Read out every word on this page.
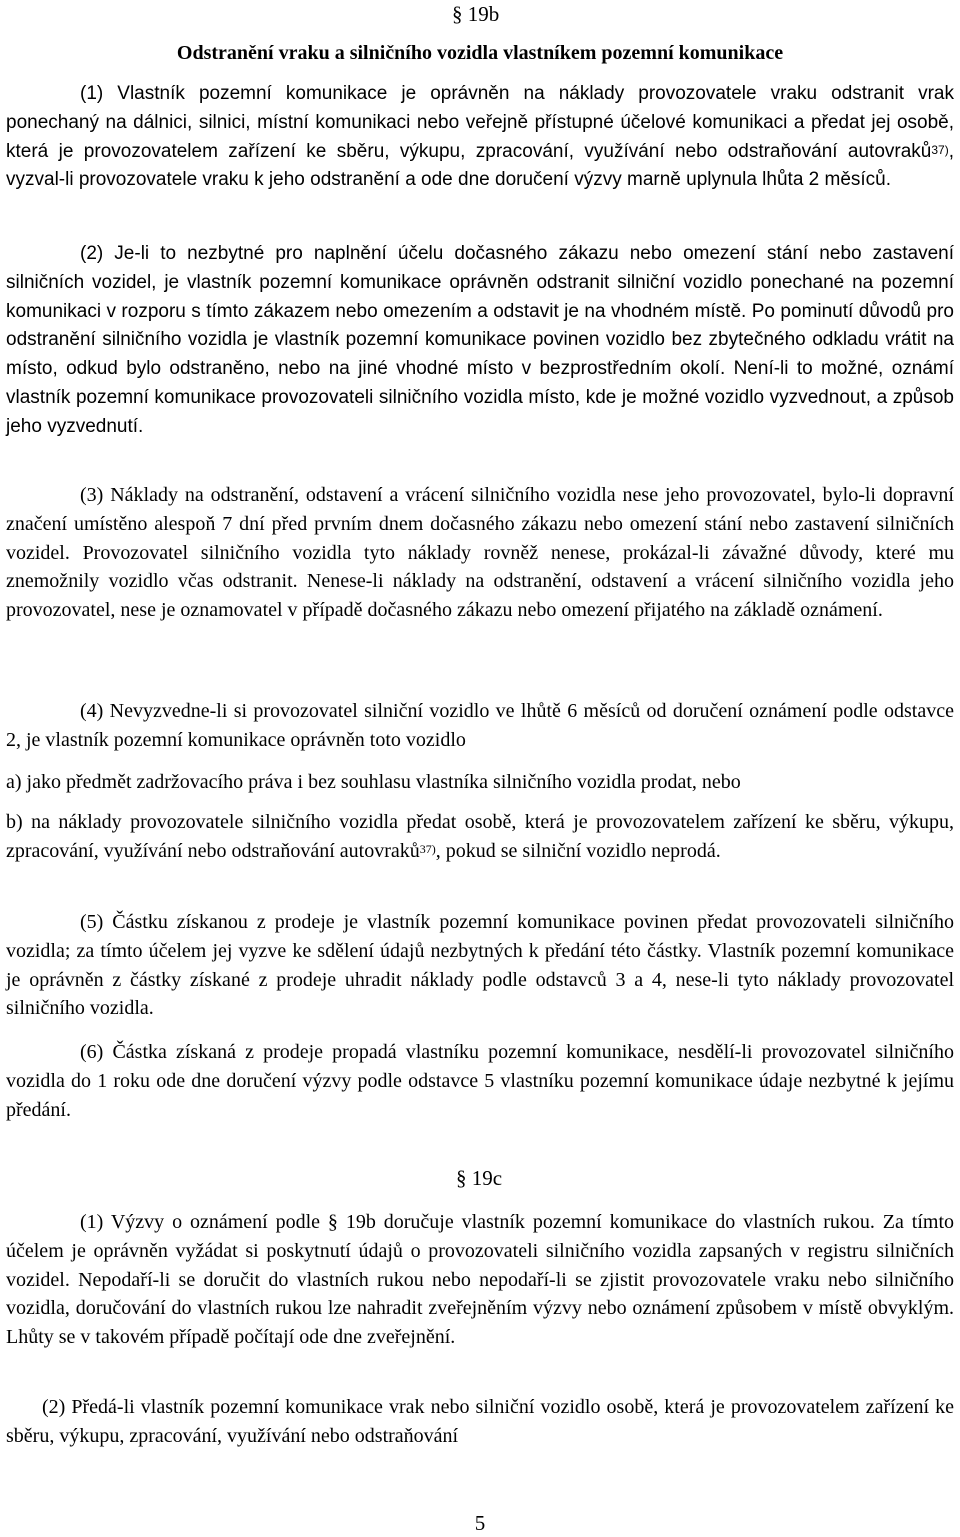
§ 19b
Odstranění vraku a silničního vozidla vlastníkem pozemní komunikace
(1) Vlastník pozemní komunikace je oprávněn na náklady provozovatele vraku odstranit vrak ponechaný na dálnici, silnici, místní komunikaci nebo veřejně přístupné účelové komunikaci a předat jej osobě, která je provozovatelem zařízení ke sběru, výkupu, zpracování, využívání nebo odstraňování autovraků$^{37)}$, vyzval-li provozovatele vraku k jeho odstranění a ode dne doručení výzvy marně uplynula lhůta 2 měsíců.
(2) Je-li to nezbytné pro naplnění účelu dočasného zákazu nebo omezení stání nebo zastavení silničních vozidel, je vlastník pozemní komunikace oprávněn odstranit silniční vozidlo ponechané na pozemní komunikaci v rozporu s tímto zákazem nebo omezením a odstavit je na vhodném místě. Po pominutí důvodů pro odstranění silničního vozidla je vlastník pozemní komunikace povinen vozidlo bez zbytečného odkladu vrátit na místo, odkud bylo odstraněno, nebo na jiné vhodné místo v bezprostředním okolí. Není-li to možné, oznámí vlastník pozemní komunikace provozovateli silničního vozidla místo, kde je možné vozidlo vyzvednout, a způsob jeho vyzvednutí.
(3) Náklady na odstranění, odstavení a vrácení silničního vozidla nese jeho provozovatel, bylo-li dopravní značení umístěno alespoň 7 dní před prvním dnem dočasného zákazu nebo omezení stání nebo zastavení silničních vozidel. Provozovatel silničního vozidla tyto náklady rovněž nenese, prokázal-li závažné důvody, které mu znemožnily vozidlo včas odstranit. Nenese-li náklady na odstranění, odstavení a vrácení silničního vozidla jeho provozovatel, nese je oznamovatel v případě dočasného zákazu nebo omezení přijatého na základě oznámení.
(4) Nevyzvedne-li si provozovatel silniční vozidlo ve lhůtě 6 měsíců od doručení oznámení podle odstavce 2, je vlastník pozemní komunikace oprávněn toto vozidlo
a) jako předmět zadržovacího práva i bez souhlasu vlastníka silničního vozidla prodat, nebo
b) na náklady provozovatele silničního vozidla předat osobě, která je provozovatelem zařízení ke sběru, výkupu, zpracování, využívání nebo odstraňování autovraků$^{37)}$, pokud se silniční vozidlo neprodá.
(5) Částku získanou z prodeje je vlastník pozemní komunikace povinen předat provozovateli silničního vozidla; za tímto účelem jej vyzve ke sdělení údajů nezbytných k předání této částky. Vlastník pozemní komunikace je oprávněn z částky získané z prodeje uhradit náklady podle odstavců 3 a 4, nese-li tyto náklady provozovatel silničního vozidla.
(6) Částka získaná z prodeje propadá vlastníku pozemní komunikace, nesdělí-li provozovatel silničního vozidla do 1 roku ode dne doručení výzvy podle odstavce 5 vlastníku pozemní komunikace údaje nezbytné k jejímu předání.
§ 19c
(1) Výzvy o oznámení podle § 19b doručuje vlastník pozemní komunikace do vlastních rukou. Za tímto účelem je oprávněn vyžádat si poskytnutí údajů o provozovateli silničního vozidla zapsaných v registru silničních vozidel. Nepodaří-li se doručit do vlastních rukou nebo nepodaří-li se zjistit provozovatele vraku nebo silničního vozidla, doručování do vlastních rukou lze nahradit zveřejněním výzvy nebo oznámení způsobem v místě obvyklým. Lhůty se v takovém případě počítají ode dne zveřejnění.
(2) Předá-li vlastník pozemní komunikace vrak nebo silniční vozidlo osobě, která je provozovatelem zařízení ke sběru, výkupu, zpracování, využívání nebo odstraňování
5
